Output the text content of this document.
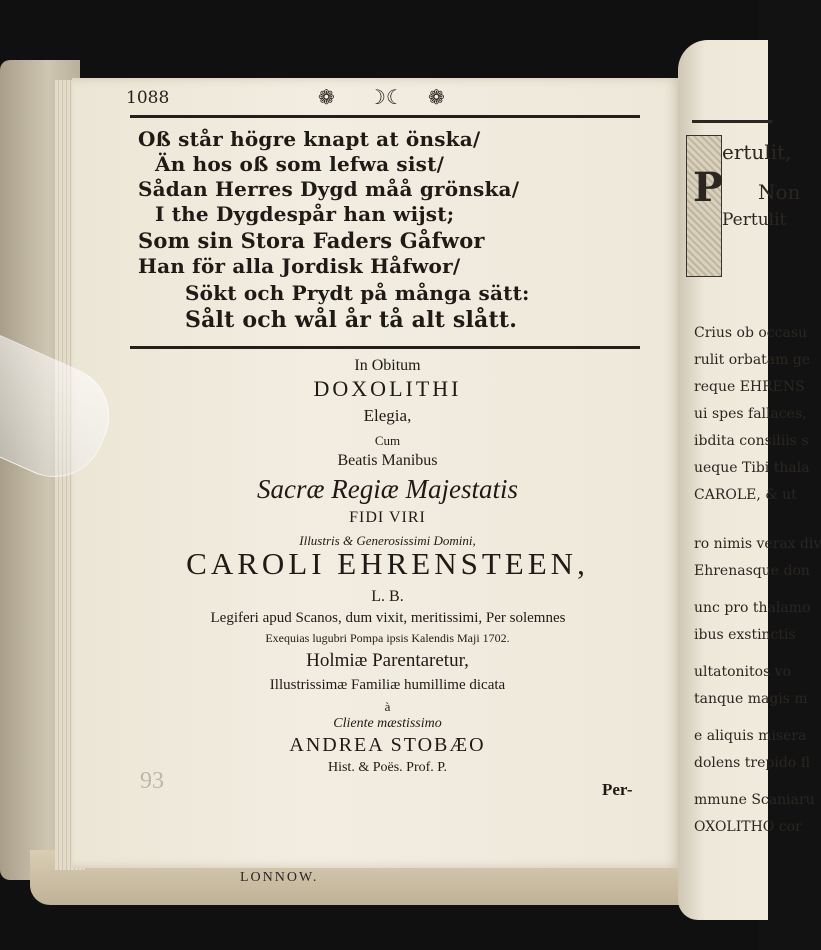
P
ertulit,
Non
Pertulit
Crius ob occasu
rulit orbatam ge
reque EHRENS
ui spes fallaces,
ibdita consiliis s
ueque Tibi thala
CAROLE, & ut
ro nimis verax div
Ehrenasque don
unc pro thalamo
ibus exstinctis
ultatonitos vo
tanque magis m
e aliquis misera
dolens trepido fl
mmune Scaniaru
OXOLITHO cor
1088	❁ ☽☾ ❁
Oß står högre knapt at önska/
Än hos oß som lefwa sist/
Sådan Herres Dygd måå grönska/
I the Dygdespår han wijst;
Som sin Stora Faders Gåfwor
Han för alla Jordisk Håfwor/
Sökt och Prydt på många sätt:
Sålt och wål år tå alt slått.
In Obitum
DOXOLITHI
Elegia,
Cum
Beatis Manibus
Sacræ Regiæ Majestatis
FIDI VIRI
Illustris & Generosissimi Domini,
CAROLI EHRENSTEEN,
L. B.
Legiferi apud Scanos, dum vixit, meritissimi, Per solemnes
Exequias lugubri Pompa ipsis Kalendis Maji 1702.
Holmiæ Parentaretur,
Illustrissimæ Familiæ humillime dicata
à
Cliente mæstissimo
ANDREA STOBÆO
Hist. & Poës. Prof. P.
93	Per-
LONNOW.
